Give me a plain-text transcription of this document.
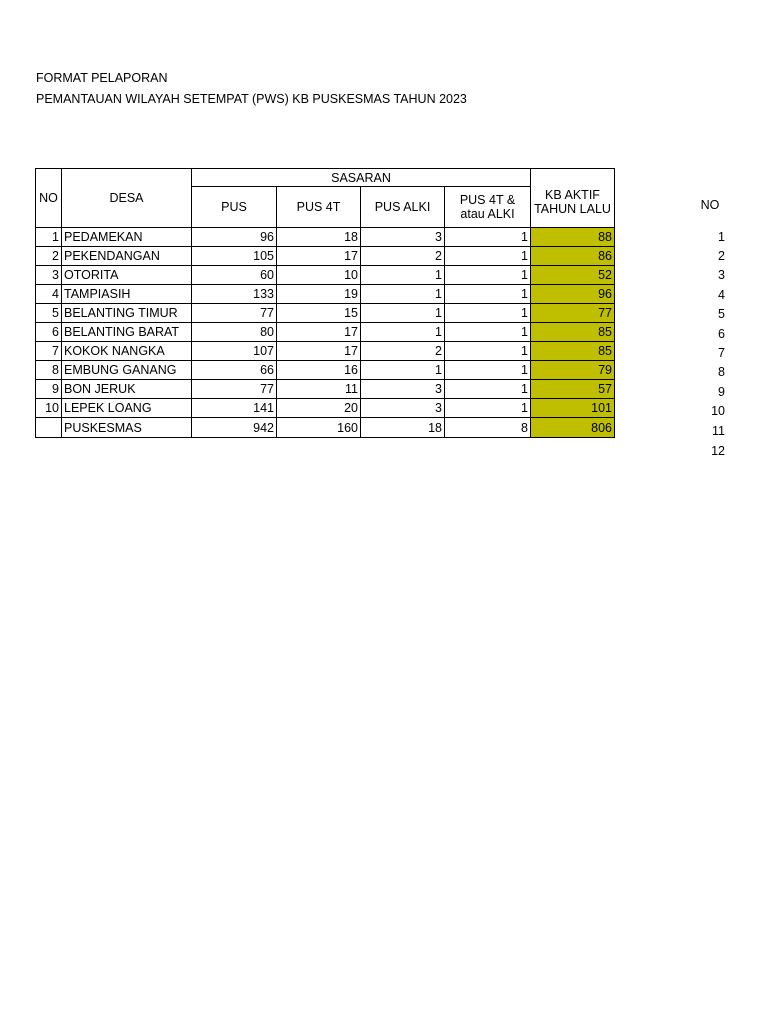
FORMAT PELAPORAN
PEMANTAUAN WILAYAH SETEMPAT (PWS) KB PUSKESMAS TAHUN 2023
NO	DESA	SASARAN				KB AKTIF TAHUN LALU
		PUS	PUS 4T	PUS ALKI	PUS 4T & atau ALKI	
1	PEDAMEKAN	96	18	3	1	88
2	PEKENDANGAN	105	17	2	1	86
3	OTORITA	60	10	1	1	52
4	TAMPIASIH	133	19	1	1	96
5	BELANTING TIMUR	77	15	1	1	77
6	BELANTING BARAT	80	17	1	1	85
7	KOKOK NANGKA	107	17	2	1	85
8	EMBUNG GANANG	66	16	1	1	79
9	BON JERUK	77	11	3	1	57
10	LEPEK LOANG	141	20	3	1	101
	PUSKESMAS	942	160	18	8	806
NO
1
2
3
4
5
6
7
8
9
10
11
12
